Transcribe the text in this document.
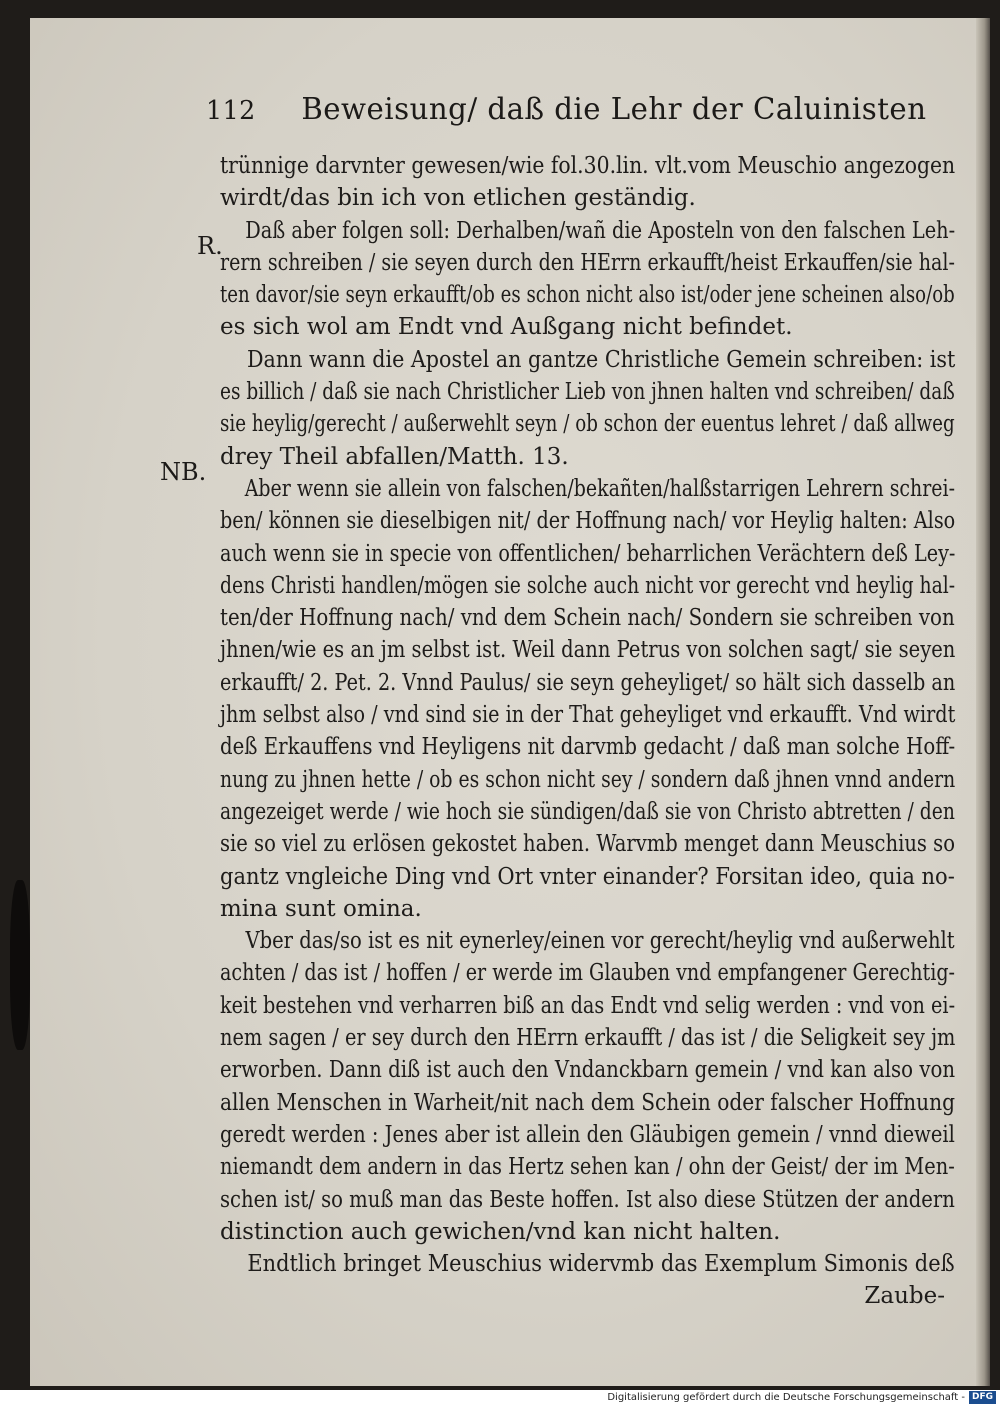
112 Beweisung/ daß die Lehr der Caluinisten
R.
NB.
trünnige darvnter gewesen/wie fol.30.lin. vlt.vom Meuschio angezogen
wirdt/das bin ich von etlichen geständig.
Daß aber folgen soll: Derhalben/wañ die Aposteln von den falschen Leh-
rern schreiben / sie seyen durch den HErrn erkaufft/heist Erkauffen/sie hal-
ten davor/sie seyn erkaufft/ob es schon nicht also ist/oder jene scheinen also/ob
es sich wol am Endt vnd Außgang nicht befindet.
Dann wann die Apostel an gantze Christliche Gemein schreiben: ist
es billich / daß sie nach Christlicher Lieb von jhnen halten vnd schreiben/ daß
sie heylig/gerecht / außerwehlt seyn / ob schon der euentus lehret / daß allweg
drey Theil abfallen/Matth. 13.
Aber wenn sie allein von falschen/bekañten/halßstarrigen Lehrern schrei-
ben/ können sie dieselbigen nit/ der Hoffnung nach/ vor Heylig halten: Also
auch wenn sie in specie von offentlichen/ beharrlichen Verächtern deß Ley-
dens Christi handlen/mögen sie solche auch nicht vor gerecht vnd heylig hal-
ten/der Hoffnung nach/ vnd dem Schein nach/ Sondern sie schreiben von
jhnen/wie es an jm selbst ist. Weil dann Petrus von solchen sagt/ sie seyen
erkaufft/ 2. Pet. 2. Vnnd Paulus/ sie seyn geheyliget/ so hält sich dasselb an
jhm selbst also / vnd sind sie in der That geheyliget vnd erkaufft. Vnd wirdt
deß Erkauffens vnd Heyligens nit darvmb gedacht / daß man solche Hoff-
nung zu jhnen hette / ob es schon nicht sey / sondern daß jhnen vnnd andern
angezeiget werde / wie hoch sie sündigen/daß sie von Christo abtretten / den
sie so viel zu erlösen gekostet haben. Warvmb menget dann Meuschius so
gantz vngleiche Ding vnd Ort vnter einander? Forsitan ideo, quia no-
mina sunt omina.
Vber das/so ist es nit eynerley/einen vor gerecht/heylig vnd außerwehlt
achten / das ist / hoffen / er werde im Glauben vnd empfangener Gerechtig-
keit bestehen vnd verharren biß an das Endt vnd selig werden : vnd von ei-
nem sagen / er sey durch den HErrn erkaufft / das ist / die Seligkeit sey jm
erworben. Dann diß ist auch den Vndanckbarn gemein / vnd kan also von
allen Menschen in Warheit/nit nach dem Schein oder falscher Hoffnung
geredt werden : Jenes aber ist allein den Gläubigen gemein / vnnd dieweil
niemandt dem andern in das Hertz sehen kan / ohn der Geist/ der im Men-
schen ist/ so muß man das Beste hoffen. Ist also diese Stützen der andern
distinction auch gewichen/vnd kan nicht halten.
Endtlich bringet Meuschius widervmb das Exemplum Simonis deß
Zaube-
Digitalisierung gefördert durch die Deutsche Forschungsgemeinschaft - DFG
